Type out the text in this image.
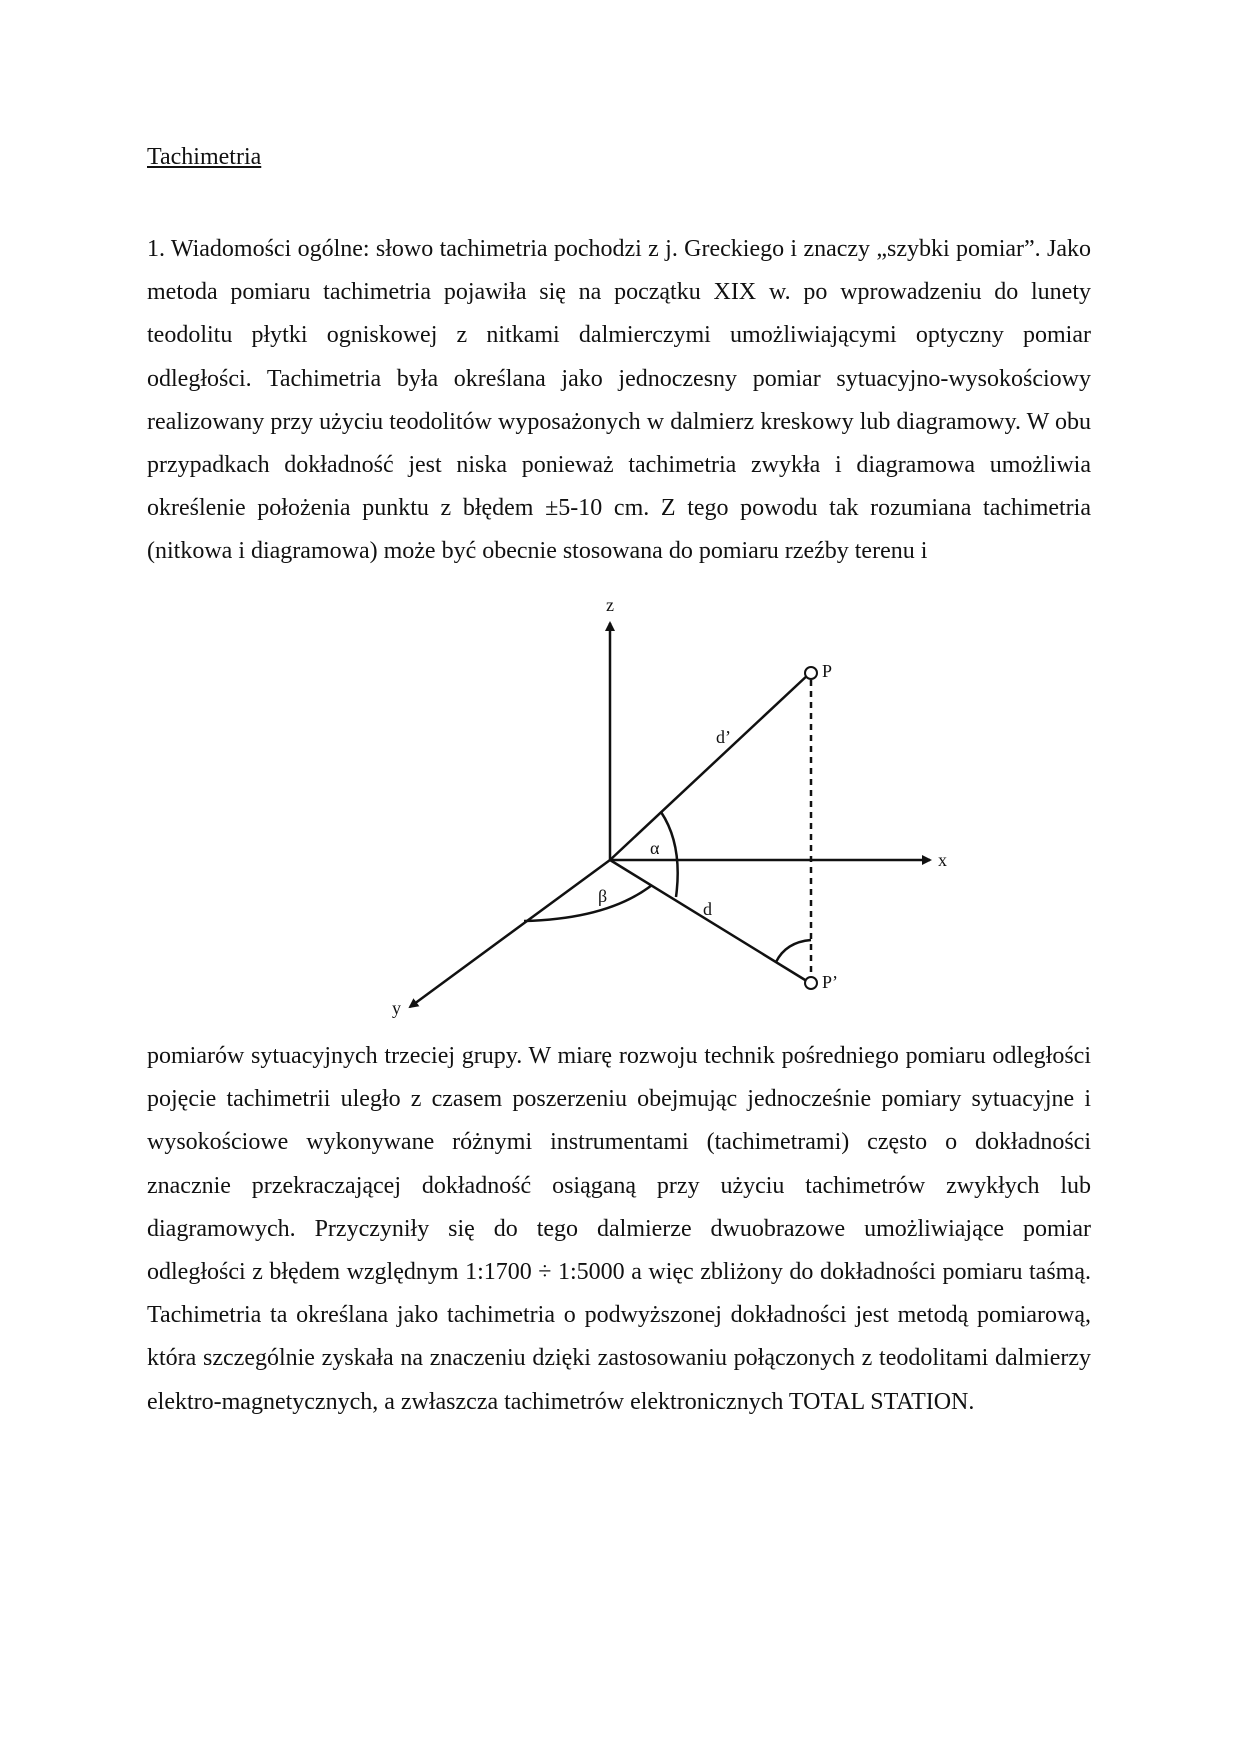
Tachimetria

1. Wiadomości ogólne: słowo tachimetria pochodzi z j. Greckiego i znaczy „szybki pomiar”. Jako metoda pomiaru tachimetria pojawiła się na początku XIX w. po wprowadzeniu do lunety teodolitu płytki ogniskowej z nitkami dalmierczymi umożliwiającymi optyczny pomiar odległości. Tachimetria była określana jako jednoczesny pomiar sytuacyjno-wysokościowy realizowany przy użyciu teodolitów wyposażonych w dalmierz kreskowy lub diagramowy. W obu przypadkach dokładność jest niska ponieważ tachimetria zwykła i diagramowa umożliwia określenie położenia punktu z błędem ±5-10 cm. Z tego powodu tak rozumiana tachimetria (nitkowa i diagramowa) może być obecnie stosowana do pomiaru rzeźby terenu i

z
x
y
P
P’
d’
d
α
β

pomiarów sytuacyjnych trzeciej grupy. W miarę rozwoju technik pośredniego pomiaru odległości pojęcie tachimetrii uległo z czasem poszerzeniu obejmując jednocześnie pomiary sytuacyjne i wysokościowe wykonywane różnymi instrumentami (tachimetrami) często o dokładności znacznie przekraczającej dokładność osiąganą przy użyciu tachimetrów zwykłych lub diagramowych. Przyczyniły się do tego dalmierze dwuobrazowe umożliwiające pomiar odległości z błędem względnym 1:1700 ÷ 1:5000 a więc zbliżony do dokładności pomiaru taśmą. Tachimetria ta określana jako tachimetria o podwyższonej dokładności jest metodą pomiarową, która szczególnie zyskała na znaczeniu dzięki zastosowaniu połączonych z teodolitami dalmierzy elektro-magnetycznych, a zwłaszcza tachimetrów elektronicznych TOTAL STATION.
